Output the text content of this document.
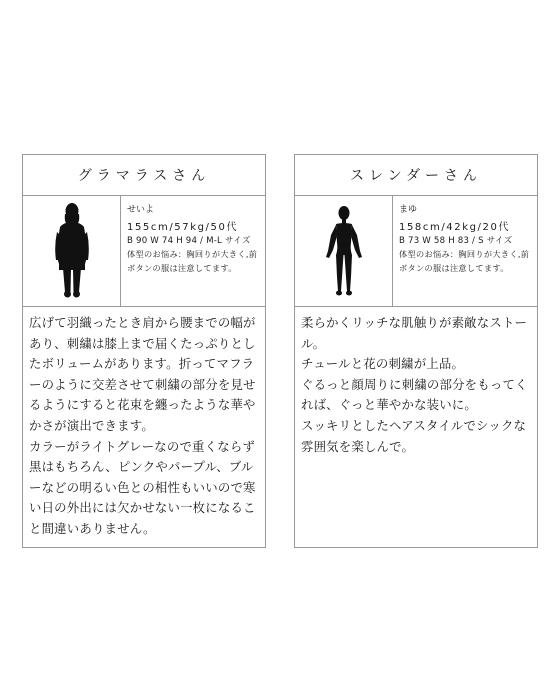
グラマラスさん
せいよ
155cm/57kg/50代
B 90 W 74 H 94 / M-L サイズ
体型のお悩み：胸回りが大きく,前ボタンの服は注意してます。

広げて羽織ったとき肩から腰までの幅があり、刺繍は膝上まで届くたっぷりとしたボリュームがあります。折ってマフラーのように交差させて刺繍の部分を見せるようにすると花束を纏ったような華やかさが演出できます。

カラーがライトグレーなので重くならず黒はもちろん、ピンクやパープル、ブルーなどの明るい色との相性もいいので寒い日の外出には欠かせない一枚になること間違いありません。

スレンダーさん
まゆ
158cm/42kg/20代
B 73 W 58 H 83 / S サイズ
体型のお悩み：胸回りが大きく,前ボタンの服は注意してます。

柔らかくリッチな肌触りが素敵なストール。

チュールと花の刺繍が上品。

ぐるっと顔周りに刺繍の部分をもってくれば、ぐっと華やかな装いに。

スッキリとしたヘアスタイルでシックな雰囲気を楽しんで。
